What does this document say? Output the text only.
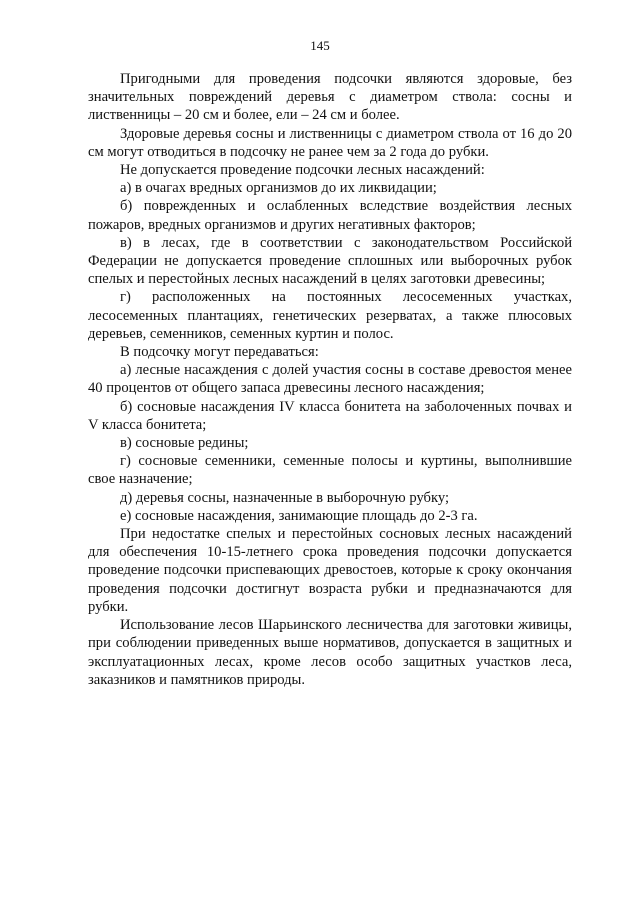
145

Пригодными для проведения подсочки являются здоровые, без значительных повреждений деревья с диаметром ствола: сосны и лиственницы – 20 см и более, ели – 24 см и более.

Здоровые деревья сосны и лиственницы с диаметром ствола от 16 до 20 см могут отводиться в подсочку не ранее чем за 2 года до рубки.

Не допускается проведение подсочки лесных насаждений:

а) в очагах вредных организмов до их ликвидации;

б) поврежденных и ослабленных вследствие воздействия лесных пожаров, вредных организмов и других негативных факторов;

в) в лесах, где в соответствии с законодательством Российской Федерации не допускается проведение сплошных или выборочных рубок спелых и перестойных лесных насаждений в целях заготовки древесины;

г) расположенных на постоянных лесосеменных участках, лесосеменных плантациях, генетических резерватах, а также плюсовых деревьев, семенников, семенных куртин и полос.

В подсочку могут передаваться:

а) лесные насаждения с долей участия сосны в составе древостоя менее 40 процентов от общего запаса древесины лесного насаждения;

б) сосновые насаждения IV класса бонитета на заболоченных почвах и V класса бонитета;

в) сосновые редины;

г) сосновые семенники, семенные полосы и куртины, выполнившие свое назначение;

д) деревья сосны, назначенные в выборочную рубку;

е) сосновые насаждения, занимающие площадь до 2-3 га.

При недостатке спелых и перестойных сосновых лесных насаждений для обеспечения 10-15-летнего срока проведения подсочки допускается проведение подсочки приспевающих древостоев, которые к сроку окончания проведения подсочки достигнут возраста рубки и предназначаются для рубки.

Использование лесов Шарьинского лесничества для заготовки живицы, при соблюдении приведенных выше нормативов, допускается в защитных и эксплуатационных лесах, кроме лесов особо защитных участков леса, заказников и памятников природы.
